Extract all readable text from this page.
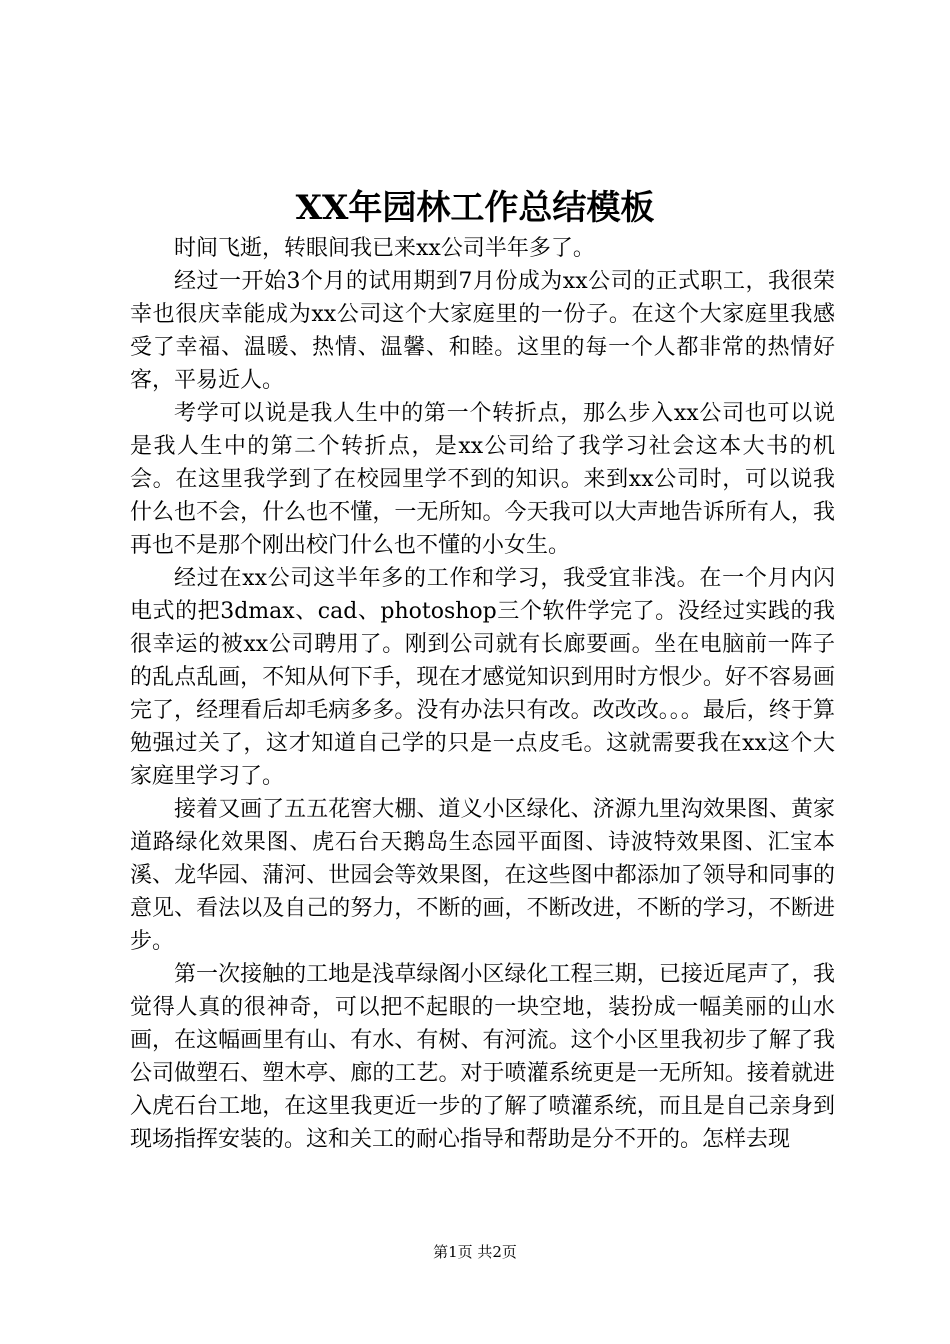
XX年园林工作总结模板

时间飞逝，转眼间我已来xx公司半年多了。

经过一开始3个月的试用期到7月份成为xx公司的正式职工，我很荣幸也很庆幸能成为xx公司这个大家庭里的一份子。在这个大家庭里我感受了幸福、温暖、热情、温馨、和睦。这里的每一个人都非常的热情好客，平易近人。

考学可以说是我人生中的第一个转折点，那么步入xx公司也可以说是我人生中的第二个转折点，是xx公司给了我学习社会这本大书的机会。在这里我学到了在校园里学不到的知识。来到xx公司时，可以说我什么也不会，什么也不懂，一无所知。今天我可以大声地告诉所有人，我再也不是那个刚出校门什么也不懂的小女生。

经过在xx公司这半年多的工作和学习，我受宜非浅。在一个月内闪电式的把3dmax、cad、photoshop三个软件学完了。没经过实践的我很幸运的被xx公司聘用了。刚到公司就有长廊要画。坐在电脑前一阵子的乱点乱画，不知从何下手，现在才感觉知识到用时方恨少。好不容易画完了，经理看后却毛病多多。没有办法只有改。改改改。。。最后，终于算勉强过关了，这才知道自己学的只是一点皮毛。这就需要我在xx这个大家庭里学习了。

接着又画了五五花窖大棚、道义小区绿化、济源九里沟效果图、黄家道路绿化效果图、虎石台天鹅岛生态园平面图、诗波特效果图、汇宝本溪、龙华园、蒲河、世园会等效果图，在这些图中都添加了领导和同事的意见、看法以及自己的努力，不断的画，不断改进，不断的学习，不断进步。

第一次接触的工地是浅草绿阁小区绿化工程三期，已接近尾声了，我觉得人真的很神奇，可以把不起眼的一块空地，装扮成一幅美丽的山水画，在这幅画里有山、有水、有树、有河流。这个小区里我初步了解了我公司做塑石、塑木亭、廊的工艺。对于喷灌系统更是一无所知。接着就进入虎石台工地，在这里我更近一步的了解了喷灌系统，而且是自己亲身到现场指挥安装的。这和关工的耐心指导和帮助是分不开的。怎样去现

第1页 共2页
